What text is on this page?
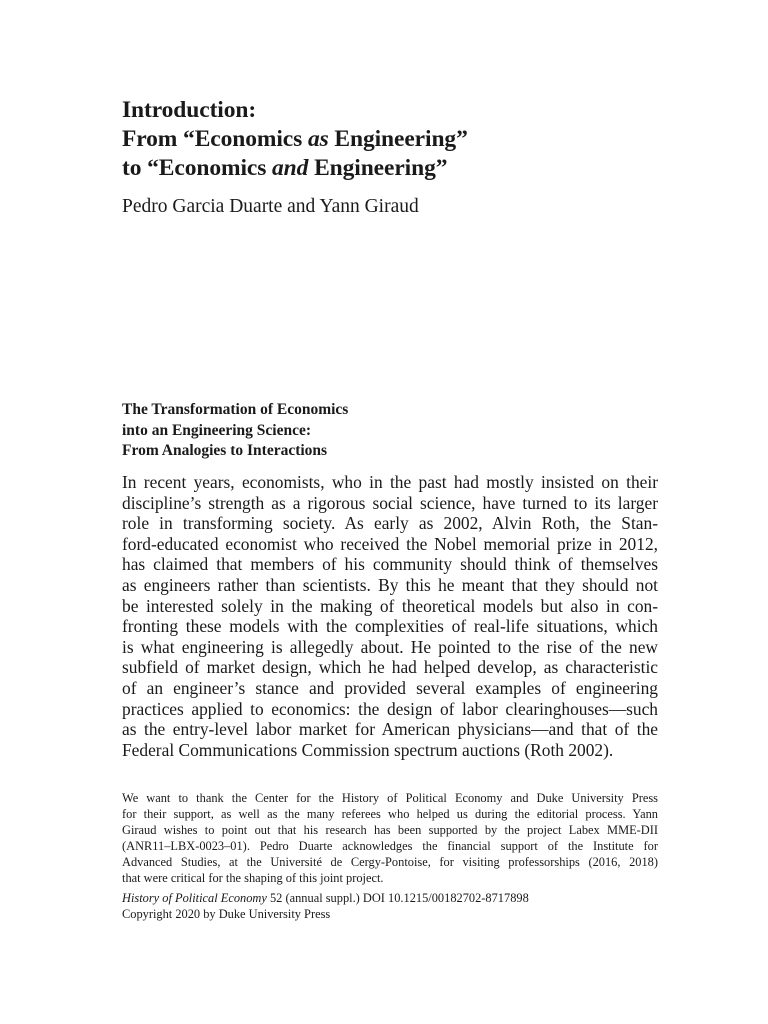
Introduction:
From “Economics as Engineering”
to “Economics and Engineering”

Pedro Garcia Duarte and Yann Giraud

The Transformation of Economics
into an Engineering Science:
From Analogies to Interactions

In recent years, economists, who in the past had mostly insisted on their
discipline’s strength as a rigorous social science, have turned to its larger
role in transforming society. As early as 2002, Alvin Roth, the Stan-
ford-educated economist who received the Nobel memorial prize in 2012,
has claimed that members of his community should think of themselves
as engineers rather than scientists. By this he meant that they should not
be interested solely in the making of theoretical models but also in con-
fronting these models with the complexities of real-life situations, which
is what engineering is allegedly about. He pointed to the rise of the new
subfield of market design, which he had helped develop, as characteristic
of an engineer’s stance and provided several examples of engineering
practices applied to economics: the design of labor clearinghouses—such
as the entry-level labor market for American physicians—and that of the
Federal Communications Commission spectrum auctions (Roth 2002).

We want to thank the Center for the History of Political Economy and Duke University Press
for their support, as well as the many referees who helped us during the editorial process. Yann
Giraud wishes to point out that his research has been supported by the project Labex MME-DII
(ANR11–LBX-0023–01). Pedro Duarte acknowledges the financial support of the Institute for
Advanced Studies, at the Université de Cergy-Pontoise, for visiting professorships (2016, 2018)
that were critical for the shaping of this joint project.

History of Political Economy 52 (annual suppl.) DOI 10.1215/00182702-8717898
Copyright 2020 by Duke University Press
